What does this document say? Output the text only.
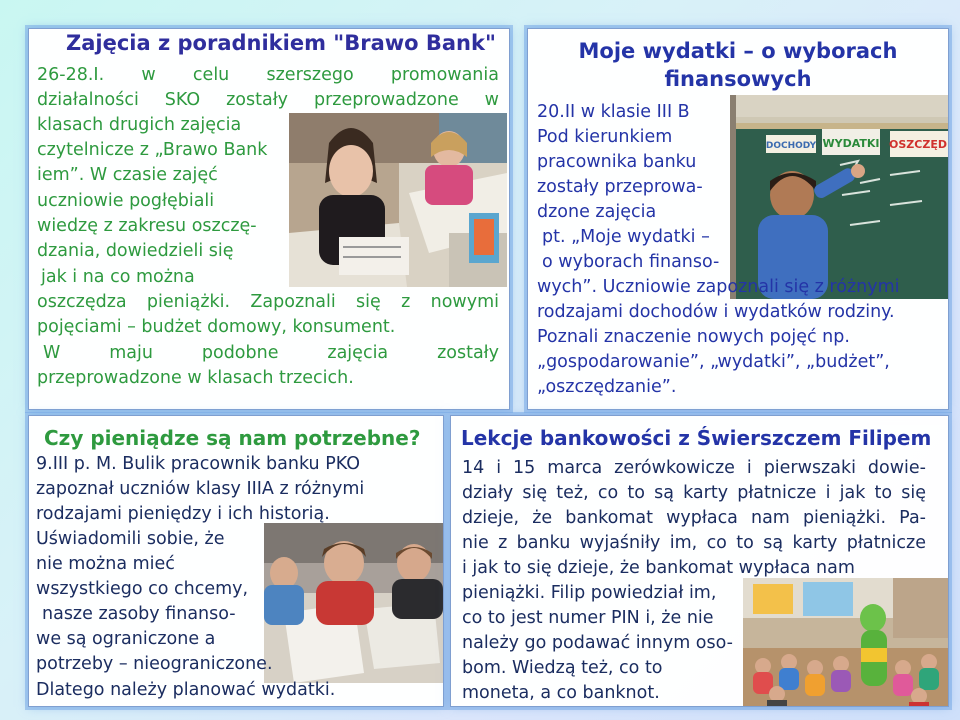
Zajęcia z poradnikiem "Brawo Bank"
26-28.I. w celu szerszego promowania
działalności SKO zostały przeprowadzone w
klasach drugich zajęcia
czytelnicze z „Brawo Bank
iem”. W czasie zajęć
uczniowie pogłębiali
wiedzę z zakresu oszczę-
dzania, dowiedzieli się
jak i na co można
oszczędza pieniążki. Zapoznali się z nowymi
pojęciami – budżet domowy, konsument.
W maju podobne zajęcia zostały
przeprowadzone w klasach trzecich.
DOCHODY WYDATKI OSZCZĘD
Moje wydatki – o wyborach finansowych
20.II w klasie III B
Pod kierunkiem
pracownika banku
zostały przeprowa-
dzone zajęcia
pt. „Moje wydatki –
o wyborach finanso-
wych”. Uczniowie zapoznali się z różnymi
rodzajami dochodów i wydatków rodziny.
Poznali znaczenie nowych pojęć np.
„gospodarowanie”, „wydatki”, „budżet”,
„oszczędzanie”.
Czy pieniądze są nam potrzebne?
9.III p. M. Bulik pracownik banku PKO
zapoznał uczniów klasy IIIA z różnymi
rodzajami pieniędzy i ich historią.
Uświadomili sobie, że
nie można mieć
wszystkiego co chcemy,
nasze zasoby finanso-
we są ograniczone a
potrzeby – nieograniczone.
Dlatego należy planować wydatki.
Lekcje bankowości z Świerszczem Filipem
14 i 15 marca zerówkowicze i pierwszaki dowie-
działy się też, co to są karty płatnicze i jak to się
dzieje, że bankomat wypłaca nam pieniążki. Pa-
nie z banku wyjaśniły im, co to są karty płatnicze
i jak to się dzieje, że bankomat wypłaca nam
pieniążki. Filip powiedział im,
co to jest numer PIN i, że nie
należy go podawać innym oso-
bom. Wiedzą też, co to
moneta, a co banknot.
